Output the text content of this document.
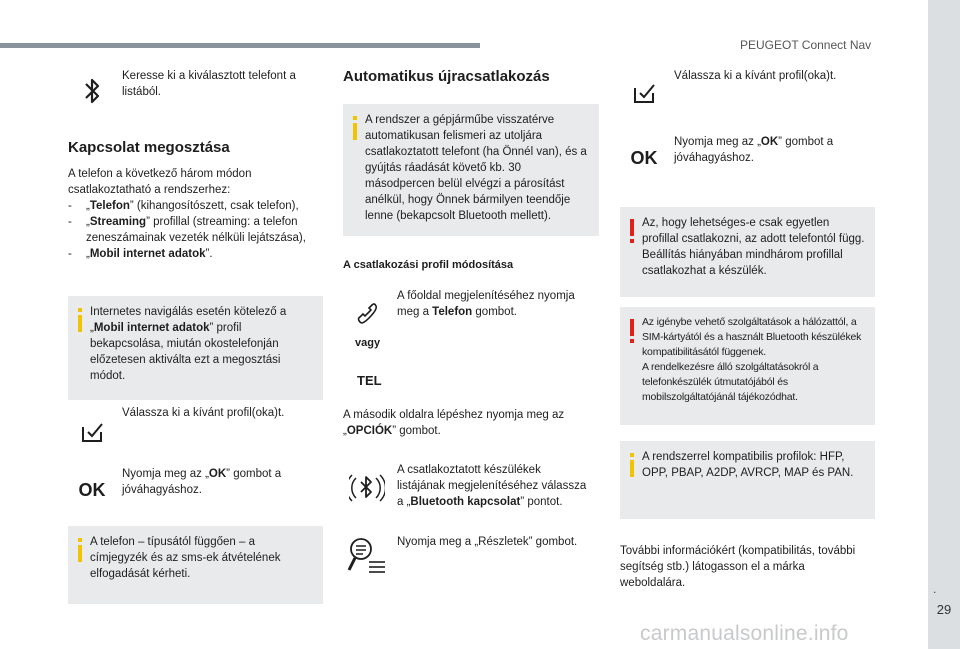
PEUGEOT Connect Nav
.
29
carmanualsonline.info
Keresse ki a kiválasztott telefont a listából.
Kapcsolat megosztása
A telefon a következő három módon csatlakoztatható a rendszerhez:
-	„Telefon” (kihangosítószett, csak telefon),
-	„Streaming” profillal (streaming: a telefon zeneszámainak vezeték nélküli lejátszása),
-	„Mobil internet adatok”.
Internetes navigálás esetén kötelező a „Mobil internet adatok” profil bekapcsolása, miután okostelefonján előzetesen aktiválta ezt a megosztási módot.
Válassza ki a kívánt profil(oka)t.
OK
Nyomja meg az „OK” gombot a jóváhagyáshoz.
A telefon – típusától függően – a címjegyzék és az sms-ek átvételének elfogadását kérheti.
Automatikus újracsatlakozás
A rendszer a gépjárműbe visszatérve automatikusan felismeri az utoljára csatlakoztatott telefont (ha Önnél van), és a gyújtás ráadását követő kb. 30 másodpercen belül elvégzi a párosítást anélkül, hogy Önnek bármilyen teendője lenne (bekapcsolt Bluetooth mellett).
A csatlakozási profil módosítása
A főoldal megjelenítéséhez nyomja meg a Telefon gombot.
vagy
TEL
A második oldalra lépéshez nyomja meg az „OPCIÓK” gombot.
A csatlakoztatott készülékek listájának megjelenítéséhez válassza a „Bluetooth kapcsolat” pontot.
Nyomja meg a „Részletek” gombot.
Válassza ki a kívánt profil(oka)t.
OK
Nyomja meg az „OK” gombot a jóváhagyáshoz.
Az, hogy lehetséges-e csak egyetlen profillal csatlakozni, az adott telefontól függ.
Beállítás hiányában mindhárom profillal csatlakozhat a készülék.
Az igénybe vehető szolgáltatások a hálózattól, a SIM-kártyától és a használt Bluetooth készülékek kompatibilitásától függenek.
A rendelkezésre álló szolgáltatásokról a telefonkészülék útmutatójából és mobilszolgáltatójánál tájékozódhat.
A rendszerrel kompatibilis profilok: HFP, OPP, PBAP, A2DP, AVRCP, MAP és PAN.
További információkért (kompatibilitás, további segítség stb.) látogasson el a márka weboldalára.
